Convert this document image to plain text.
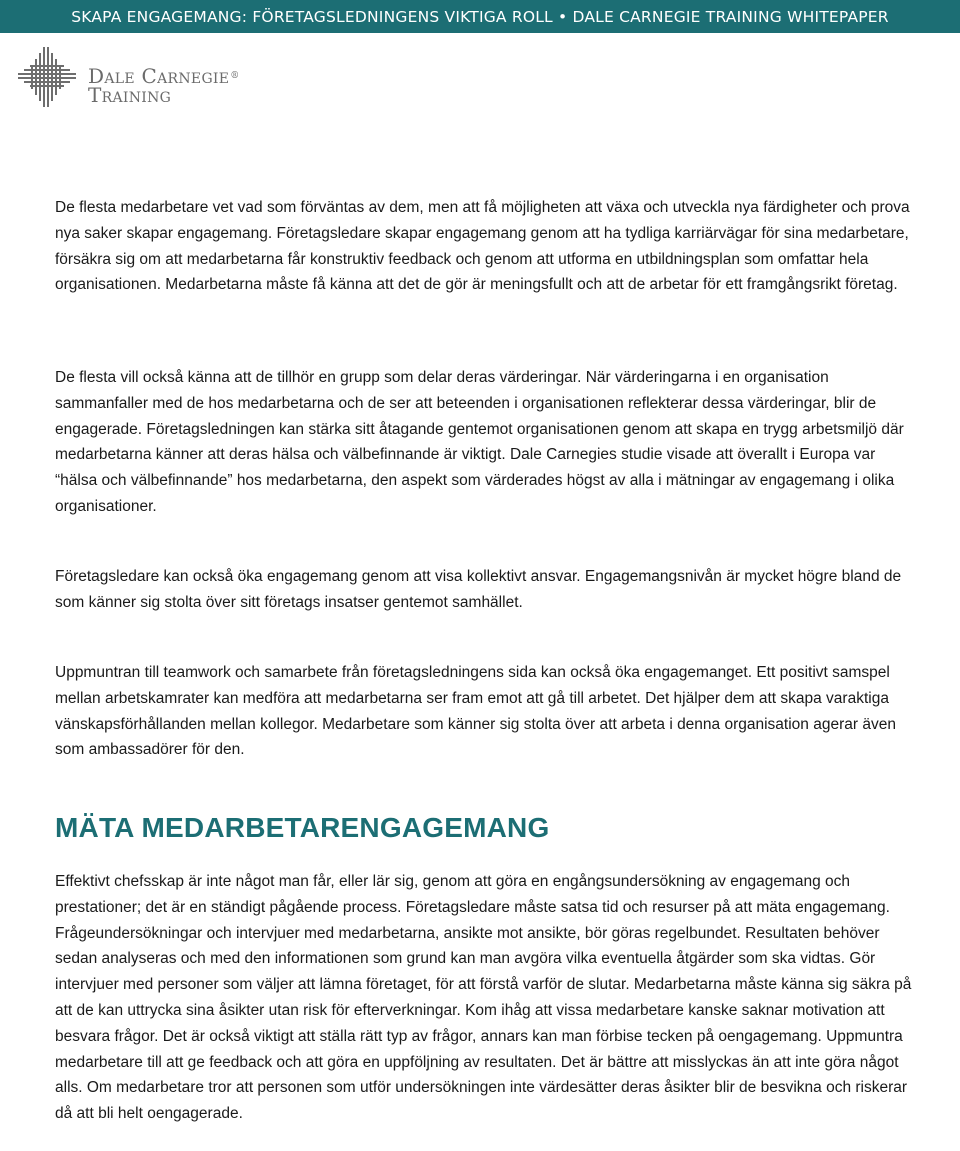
SKAPA ENGAGEMANG: FÖRETAGSLEDNINGENS VIKTIGA ROLL • DALE CARNEGIE TRAINING WHITEPAPER
Dale Carnegie®
Training

De flesta medarbetare vet vad som förväntas av dem, men att få möjligheten att växa och utveckla nya färdigheter och prova nya saker skapar engagemang. Företagsledare skapar engagemang genom att ha tydliga karriärvägar för sina medarbetare, försäkra sig om att medarbetarna får konstruktiv feedback och genom att utforma en utbildningsplan som omfattar hela organisationen. Medarbetarna måste få känna att det de gör är meningsfullt och att de arbetar för ett framgångsrikt företag.

De flesta vill också känna att de tillhör en grupp som delar deras värderingar. När värderingarna i en organisation sammanfaller med de hos medarbetarna och de ser att beteenden i organisationen reflekterar dessa värderingar, blir de engagerade. Företagsledningen kan stärka sitt åtagande gentemot organisationen genom att skapa en trygg arbetsmiljö där medarbetarna känner att deras hälsa och välbefinnande är viktigt. Dale Carnegies studie visade att överallt i Europa var “hälsa och välbefinnande” hos medarbetarna, den aspekt som värderades högst av alla i mätningar av engagemang i olika organisationer.

Företagsledare kan också öka engagemang genom att visa kollektivt ansvar. Engagemangsnivån är mycket högre bland de som känner sig stolta över sitt företags insatser gentemot samhället.

Uppmuntran till teamwork och samarbete från företagsledningens sida kan också öka engagemanget. Ett positivt samspel mellan arbetskamrater kan medföra att medarbetarna ser fram emot att gå till arbetet. Det hjälper dem att skapa varaktiga vänskapsförhållanden mellan kollegor. Medarbetare som känner sig stolta över att arbeta i denna organisation agerar även som ambassadörer för den.

MÄTA MEDARBETARENGAGEMANG

Effektivt chefsskap är inte något man får, eller lär sig, genom att göra en engångsundersökning av engagemang och prestationer; det är en ständigt pågående process. Företagsledare måste satsa tid och resurser på att mäta engagemang. Frågeundersökningar och intervjuer med medarbetarna, ansikte mot ansikte, bör göras regelbundet. Resultaten behöver sedan analyseras och med den informationen som grund kan man avgöra vilka eventuella åtgärder som ska vidtas. Gör intervjuer med personer som väljer att lämna företaget, för att förstå varför de slutar. Medarbetarna måste känna sig säkra på att de kan uttrycka sina åsikter utan risk för efterverkningar. Kom ihåg att vissa medarbetare kanske saknar motivation att besvara frågor. Det är också viktigt att ställa rätt typ av frågor, annars kan man förbise tecken på oengagemang. Uppmuntra medarbetare till att ge feedback och att göra en uppföljning av resultaten. Det är bättre att misslyckas än att inte göra något alls. Om medarbetare tror att personen som utför undersökningen inte värdesätter deras åsikter blir de besvikna och riskerar då att bli helt oengagerade.
